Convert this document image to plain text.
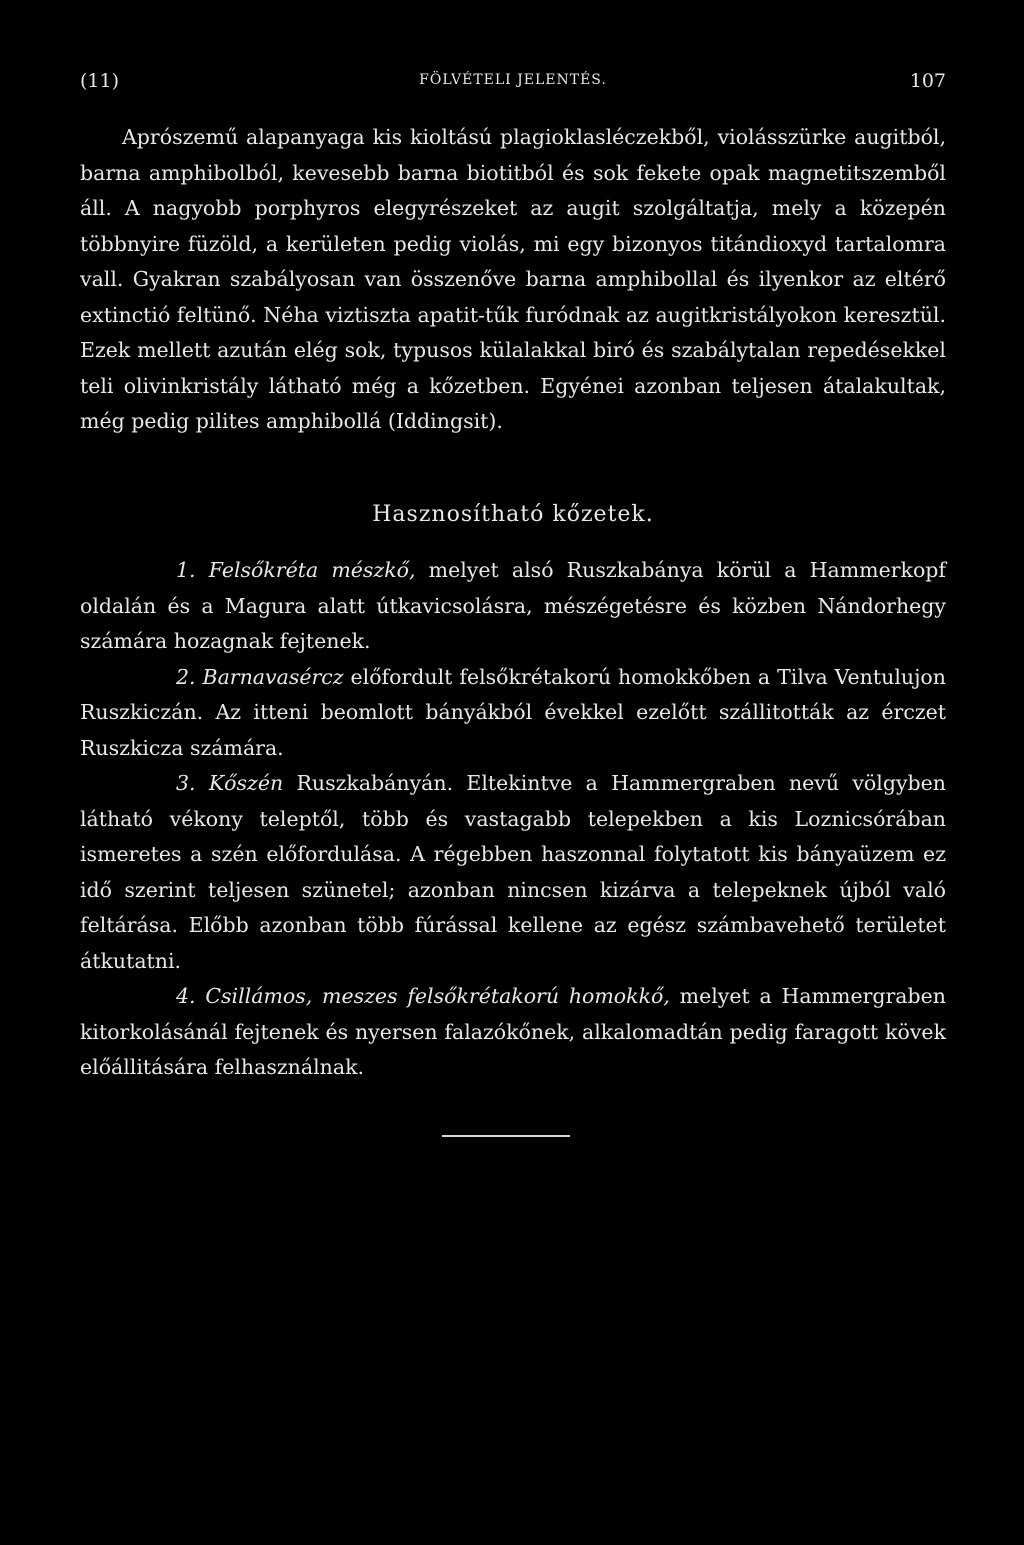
(11)	FÖLVÉTELI JELENTÉS.	107

Aprószemű alapanyaga kis kioltású plagioklasléczekből, violásszürke augitból, barna amphibolból, kevesebb barna biotitból és sok fekete opak magnetitszemből áll. A nagyobb porphyros elegyrészeket az augit szolgáltatja, mely a közepén többnyire füzöld, a kerületen pedig violás, mi egy bizonyos titándioxyd tartalomra vall. Gyakran szabályosan van összenőve barna amphibollal és ilyenkor az eltérő extinctió feltünő. Néha viztiszta apatit-tűk furódnak az augitkristályokon keresztül. Ezek mellett azután elég sok, typusos külalakkal biró és szabálytalan repedésekkel teli olivinkristály látható még a kőzetben. Egyénei azonban teljesen átalakultak, még pedig pilites amphibollá (Iddingsit).

Hasznosítható kőzetek.

1. Felsőkréta mészkő, melyet alsó Ruszkabánya körül a Hammerkopf oldalán és a Magura alatt útkavicsolásra, mészégetésre és közben Nándorhegy számára hozagnak fejtenek.

2. Barnavasércz előfordult felsőkrétakorú homokkőben a Tilva Ventulujon Ruszkiczán. Az itteni beomlott bányákból évekkel ezelőtt szállitották az érczet Ruszkicza számára.

3. Kőszén Ruszkabányán. Eltekintve a Hammergraben nevű völgyben látható vékony teleptől, több és vastagabb telepekben a kis Loznicsórában ismeretes a szén előfordulása. A régebben haszonnal folytatott kis bányaüzem ez idő szerint teljesen szünetel; azonban nincsen kizárva a telepeknek újból való feltárása. Előbb azonban több fúrással kellene az egész számbavehető területet átkutatni.

4. Csillámos, meszes felsőkrétakorú homokkő, melyet a Hammergraben kitorkolásánál fejtenek és nyersen falazókőnek, alkalomadtán pedig faragott kövek előállitására felhasználnak.
